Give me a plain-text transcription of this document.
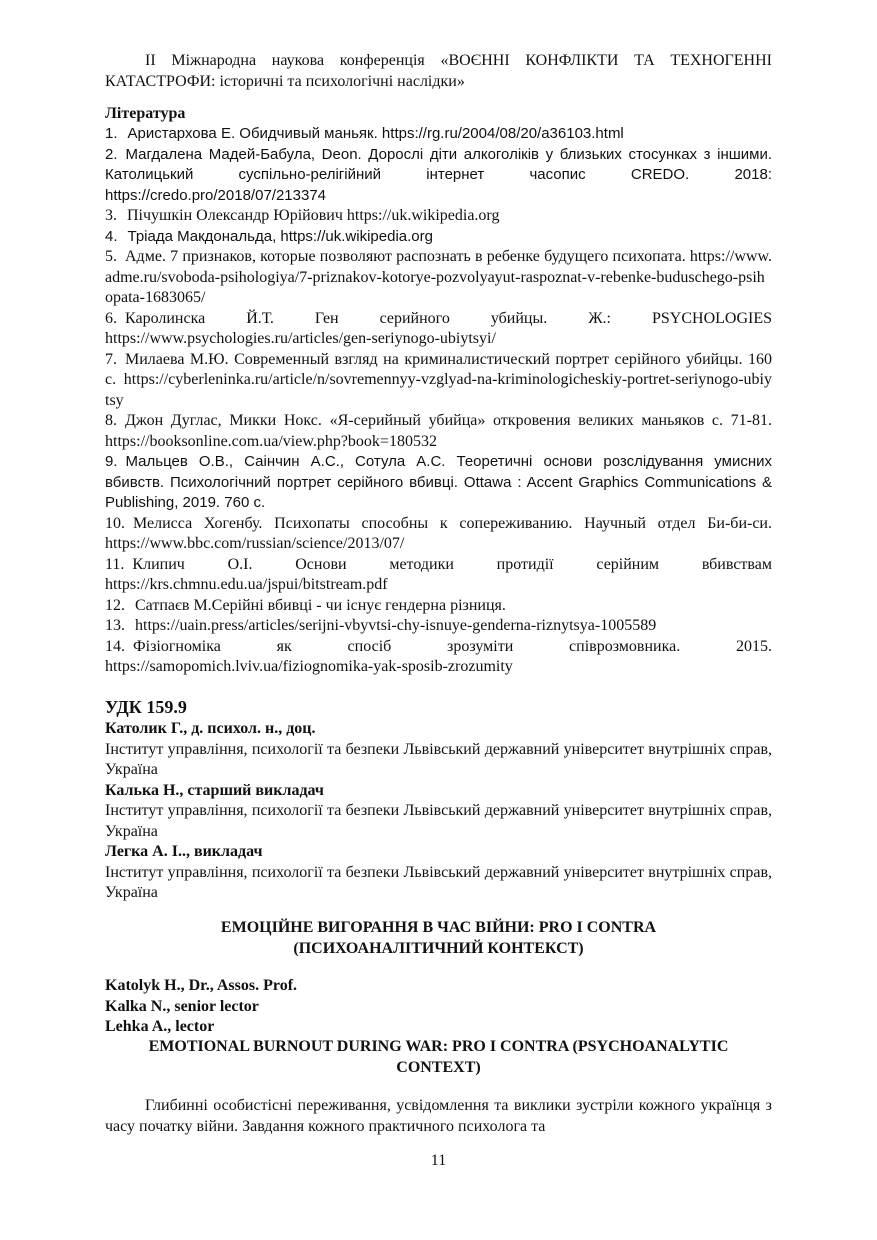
ІІ Міжнародна наукова конференція «ВОЄННІ КОНФЛІКТИ ТА ТЕХНОГЕННІ КАТАСТРОФИ: історичні та психологічні наслідки»
Література
1. Аристархова Е. Обидчивый маньяк. https://rg.ru/2004/08/20/a36103.html
2. Магдалена Мадей-Бабула, Deon. Дорослі діти алкоголіків у близьких стосунках з іншими. Католицький суспільно-релігійний інтернет часопис CREDO. 2018: https://credo.pro/2018/07/213374
3. Пічушкін Олександр Юрійович https://uk.wikipedia.org
4. Тріада Макдональда, https://uk.wikipedia.org
5. Адме. 7 признаков, которые позволяют распознать в ребенке будущего психопата. https://www.adme.ru/svoboda-psihologiya/7-priznakov-kotorye-pozvolyayut-raspoznat-v-rebenke-buduschego-psihopata-1683065/
6. Каролинска Й.Т. Ген серийного убийцы. Ж.: PSYCHOLOGIES https://www.psychologies.ru/articles/gen-seriynogo-ubiytsyi/
7. Милаева М.Ю. Современный взгляд на криминалистический портрет серійного убийцы. 160 с. https://cyberleninka.ru/article/n/sovremennyy-vzglyad-na-kriminologicheskiy-portret-seriynogo-ubiytsy
8. Джон Дуглас, Микки Нокс. «Я-серийный убийца» откровения великих маньяков с. 71-81. https://booksonline.com.ua/view.php?book=180532
9. Мальцев О.В., Саінчин А.С., Сотула А.С. Теоретичні основи розслідування умисних вбивств. Психологічний портрет серійного вбивці. Ottawa : Accent Graphics Communications & Publishing, 2019. 760 с.
10. Мелисса Хогенбу. Психопаты способны к сопереживанию. Научный отдел Би-би-си. https://www.bbc.com/russian/science/2013/07/
11. Клипич О.І. Основи методики протидії серійним вбивствам https://krs.chmnu.edu.ua/jspui/bitstream.pdf
12. Сатпаєв М.Серійні вбивці - чи існує гендерна різниця.
13. https://uain.press/articles/serijni-vbyvtsi-chy-isnuye-genderna-riznytsya-1005589
14. Фізіогноміка як спосіб зрозуміти співрозмовника. 2015. https://samopomich.lviv.ua/fiziognomika-yak-sposib-zrozumity
УДК 159.9
Католик Г., д. психол. н., доц.
Інститут управління, психології та безпеки Львівський державний університет внутрішніх справ, Україна
Калька Н., старший викладач
Інститут управління, психології та безпеки Львівський державний університет внутрішніх справ, Україна
Легка А. І.., викладач
Інститут управління, психології та безпеки Львівський державний університет внутрішніх справ, Україна
ЕМОЦІЙНЕ ВИГОРАННЯ В ЧАС ВІЙНИ: PRO I CONTRA
(ПСИХОАНАЛІТИЧНИЙ КОНТЕКСТ)
Katolyk H., Dr., Assos. Prof.
Kalka N., senior lector
Lehka A., lector
EMOTIONAL BURNOUT DURING WAR: PRO I CONTRA (PSYCHOANALYTIC
CONTEXT)
Глибинні особистісні переживання, усвідомлення та виклики зустріли кожного українця з часу початку війни. Завдання кожного практичного психолога та
11
